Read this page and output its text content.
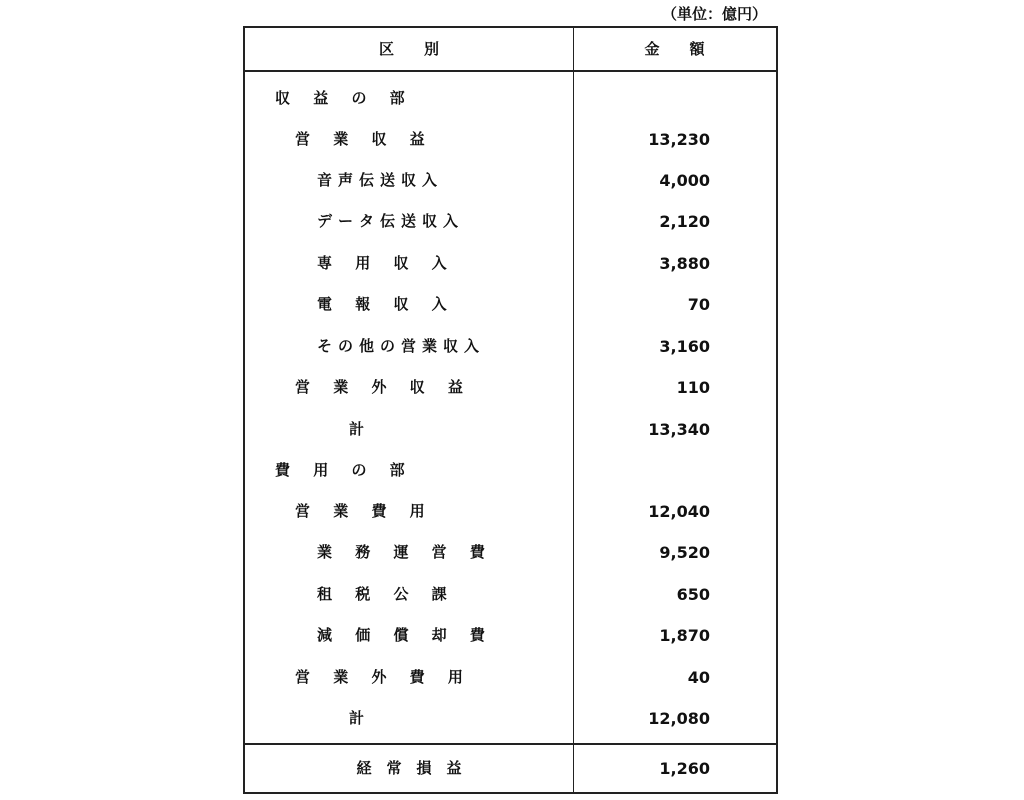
（単位：億円）
区　　別	金　　額
収 益 の 部
営 業 収 益	13,230
音声伝送収入	4,000
データ伝送収入	2,120
専 用 収 入	3,880
電 報 収 入	70
その他の営業収入	3,160
営 業 外 収 益	110
計	13,340
費 用 の 部
営 業 費 用	12,040
業 務 運 営 費	9,520
租 税 公 課	650
減 価 償 却 費	1,870
営 業 外 費 用	40
計	12,080
経　常　損　益	1,260
